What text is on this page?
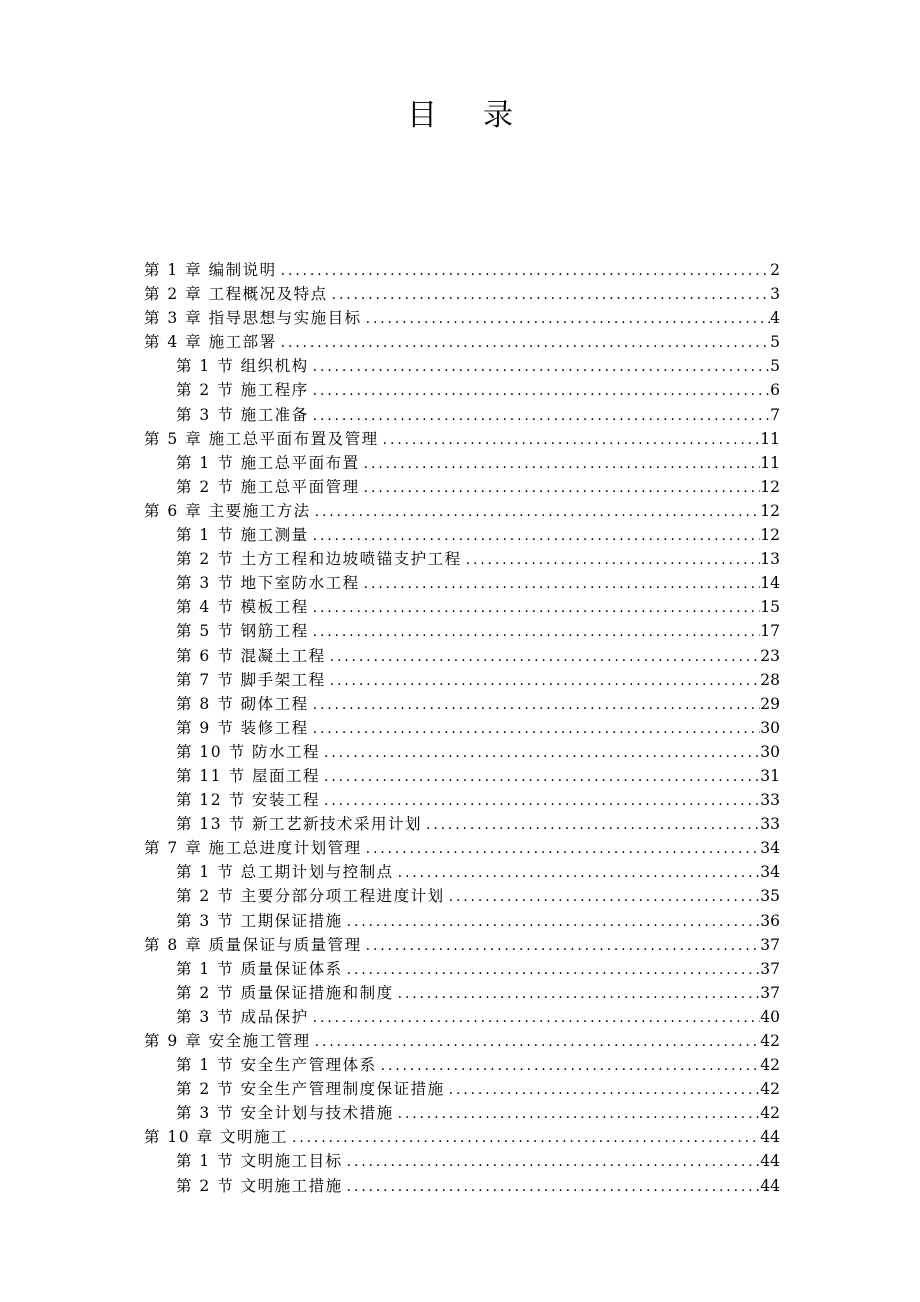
目 录
第 1 章 编制说明 . . .	2
第 2 章 工程概况及特点 . . .	3
第 3 章 指导思想与实施目标 . . .	4
第 4 章 施工部署 . . .	5
第 1 节 组织机构 . . .	5
第 2 节 施工程序 . . .	6
第 3 节 施工准备 . . .	7
第 5 章 施工总平面布置及管理 . . .	11
第 1 节 施工总平面布置 . . .	11
第 2 节 施工总平面管理 . . .	12
第 6 章 主要施工方法 . . .	12
第 1 节 施工测量 . . .	12
第 2 节 土方工程和边坡喷锚支护工程 . . .	13
第 3 节 地下室防水工程 . . .	14
第 4 节 模板工程 . . .	15
第 5 节 钢筋工程 . . .	17
第 6 节 混凝土工程 . . .	23
第 7 节 脚手架工程 . . .	28
第 8 节 砌体工程 . . .	29
第 9 节 装修工程 . . .	30
第 10 节 防水工程 . . .	30
第 11 节 屋面工程 . . .	31
第 12 节 安装工程 . . .	33
第 13 节 新工艺新技术采用计划 . . .	33
第 7 章 施工总进度计划管理 . . .	34
第 1 节 总工期计划与控制点 . . .	34
第 2 节 主要分部分项工程进度计划 . . .	35
第 3 节 工期保证措施 . . .	36
第 8 章 质量保证与质量管理 . . .	37
第 1 节 质量保证体系 . . .	37
第 2 节 质量保证措施和制度 . . .	37
第 3 节 成品保护 . . .	40
第 9 章 安全施工管理 . . .	42
第 1 节 安全生产管理体系 . . .	42
第 2 节 安全生产管理制度保证措施 . . .	42
第 3 节 安全计划与技术措施 . . .	42
第 10 章 文明施工 . . .	44
第 1 节 文明施工目标 . . .	44
第 2 节 文明施工措施 . . .	44
